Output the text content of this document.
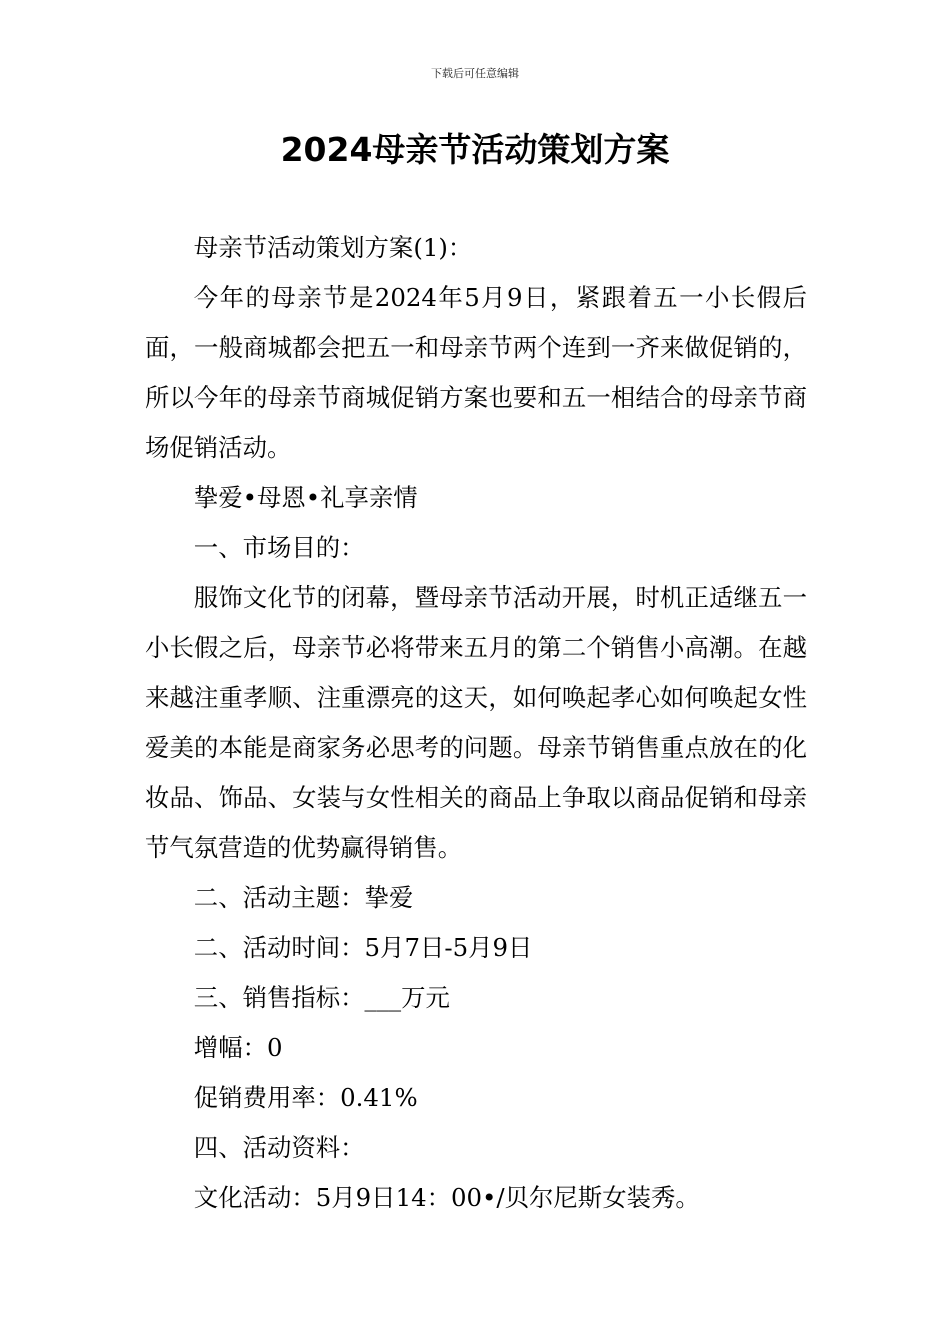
下载后可任意编辑
2024母亲节活动策划方案

母亲节活动策划方案(1)：

今年的母亲节是2024年5月9日，紧跟着五一小长假后面，一般商城都会把五一和母亲节两个连到一齐来做促销的，所以今年的母亲节商城促销方案也要和五一相结合的母亲节商场促销活动。

挚爱•母恩•礼享亲情

一、市场目的：

服饰文化节的闭幕，暨母亲节活动开展，时机正适继五一小长假之后，母亲节必将带来五月的第二个销售小高潮。在越来越注重孝顺、注重漂亮的这天，如何唤起孝心如何唤起女性爱美的本能是商家务必思考的问题。母亲节销售重点放在的化妆品、饰品、女装与女性相关的商品上争取以商品促销和母亲节气氛营造的优势赢得销售。

二、活动主题：挚爱

二、活动时间：5月7日-5月9日

三、销售指标：___万元

增幅：0

促销费用率：0.41%

四、活动资料：

文化活动：5月9日14：00•/贝尔尼斯女装秀。
